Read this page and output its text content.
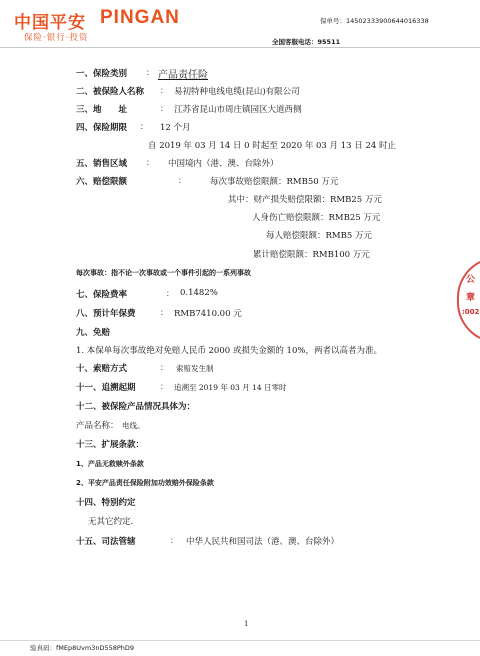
中国平安 PINGAN
保险·银行·投资
保单号：14502333900644016338
全国客服电话：95511
一、保险类别 ： 产品责任险
二、被保险人名称 ： 易初特种电线电缆(昆山)有限公司
三、地　　址	： 江苏省昆山市周庄镇园区大道西侧
四、保险期限 ： 12 个月
自 2019 年 03 月 14 日 0 时起至 2020 年 03 月 13 日 24 时止
五、销售区域 ： 中国境内（港、澳、台除外）
六、赔偿限额	：	每次事故赔偿限额：RMB50 万元
其中：财产损失赔偿限额：RMB25 万元
人身伤亡赔偿限额：RMB25 万元
每人赔偿限额：RMB5 万元
累计赔偿限额：RMB100 万元
每次事故：指不论一次事故或一个事件引起的一系列事故
七、保险费率	： 0.1482%
八、预计年保费	： RMB7410.00 元
九、免赔
1. 本保单每次事故绝对免赔人民币 2000 或损失金额的 10%，两者以高者为准。
十、索赔方式	： 索赔发生制
十一、追溯起期	： 追溯至 2019 年 03 月 14 日零时
十二、被保险产品情况具体为：
产品名称： 电线。
十三、扩展条款：
1、产品无救赎外条款
2、平安产品责任保险附加功效赔外保险条款
十四、特别约定
无其它约定.
十五、司法管辖	： 中华人民共和国司法（港、澳、台除外）
公
章
:002
1
验真码：fMEp8Uvm3nD558PhD9
